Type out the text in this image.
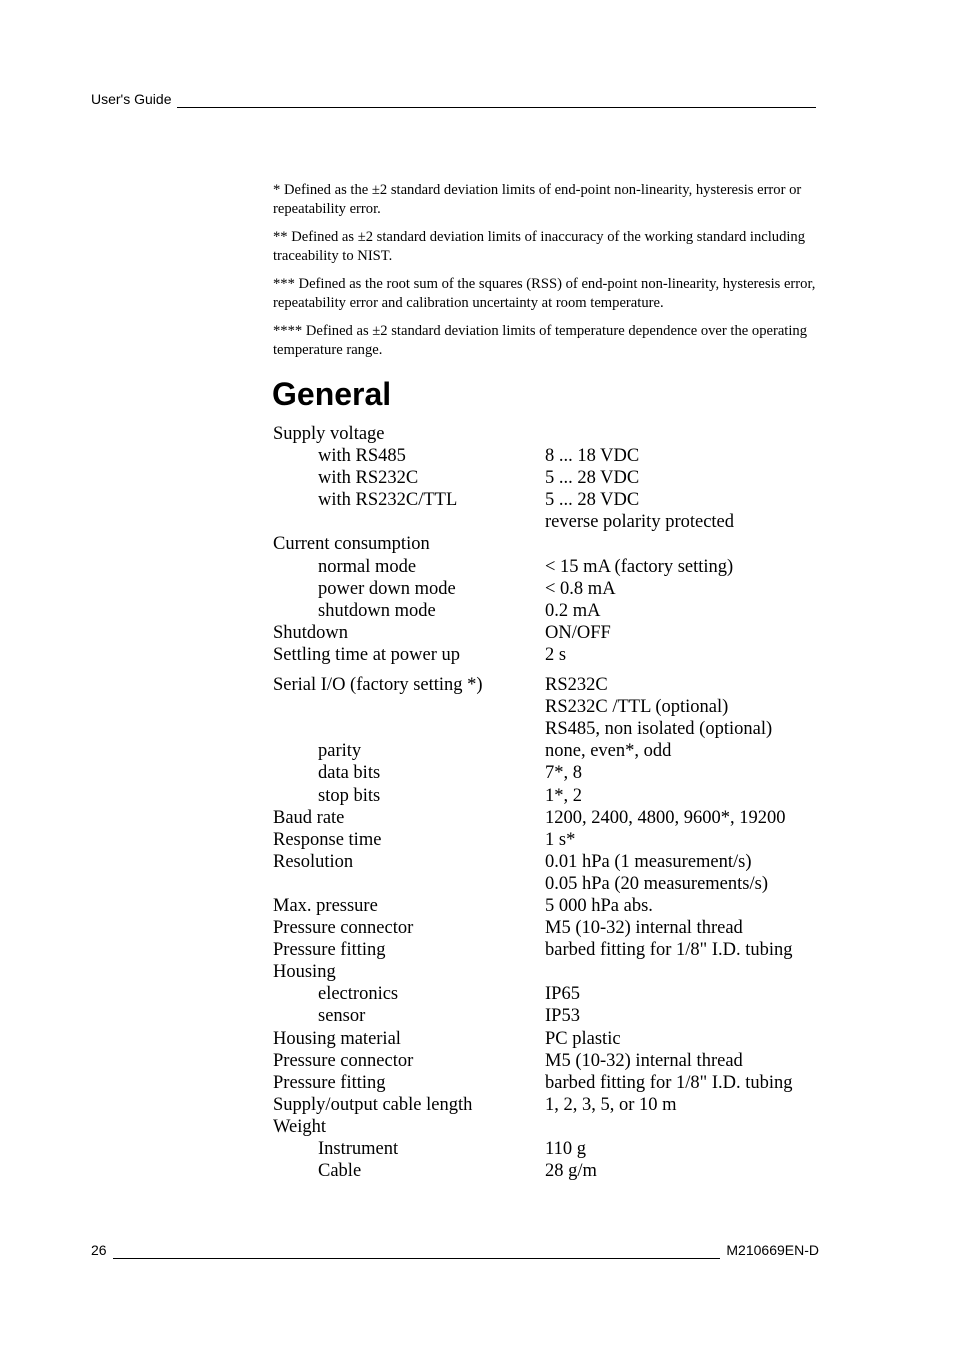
User's Guide

* Defined as the ±2 standard deviation limits of end-point non-linearity, hysteresis error or repeatability error.

** Defined as ±2 standard deviation limits of inaccuracy of the working standard including traceability to NIST.

*** Defined as the root sum of the squares (RSS) of end-point non-linearity, hysteresis error, repeatability error and calibration uncertainty at room temperature.

**** Defined as ±2 standard deviation limits of temperature dependence over the operating temperature range.

General
Supply voltage
with RS485	8 ... 18 VDC
with RS232C	5 ... 28 VDC
with RS232C/TTL	5 ... 28 VDC
reverse polarity protected
Current consumption
normal mode	< 15 mA (factory setting)
power down mode	< 0.8 mA
shutdown mode	0.2 mA
Shutdown	ON/OFF
Settling time at power up	2 s
Serial I/O (factory setting *)	RS232C
RS232C /TTL (optional)
RS485, non isolated (optional)
parity	none, even*, odd
data bits	7*, 8
stop bits	1*, 2
Baud rate	1200, 2400, 4800, 9600*, 19200
Response time	1 s*
Resolution	0.01 hPa (1 measurement/s)
0.05 hPa (20 measurements/s)
Max. pressure	5 000 hPa abs.
Pressure connector	M5 (10-32) internal thread
Pressure fitting	barbed fitting for 1/8" I.D. tubing
Housing
electronics	IP65
sensor	IP53
Housing material	PC plastic
Pressure connector	M5 (10-32) internal thread
Pressure fitting	barbed fitting for 1/8" I.D. tubing
Supply/output cable length	1, 2, 3, 5, or 10 m
Weight
Instrument	110 g
Cable	28 g/m
26	M210669EN-D
